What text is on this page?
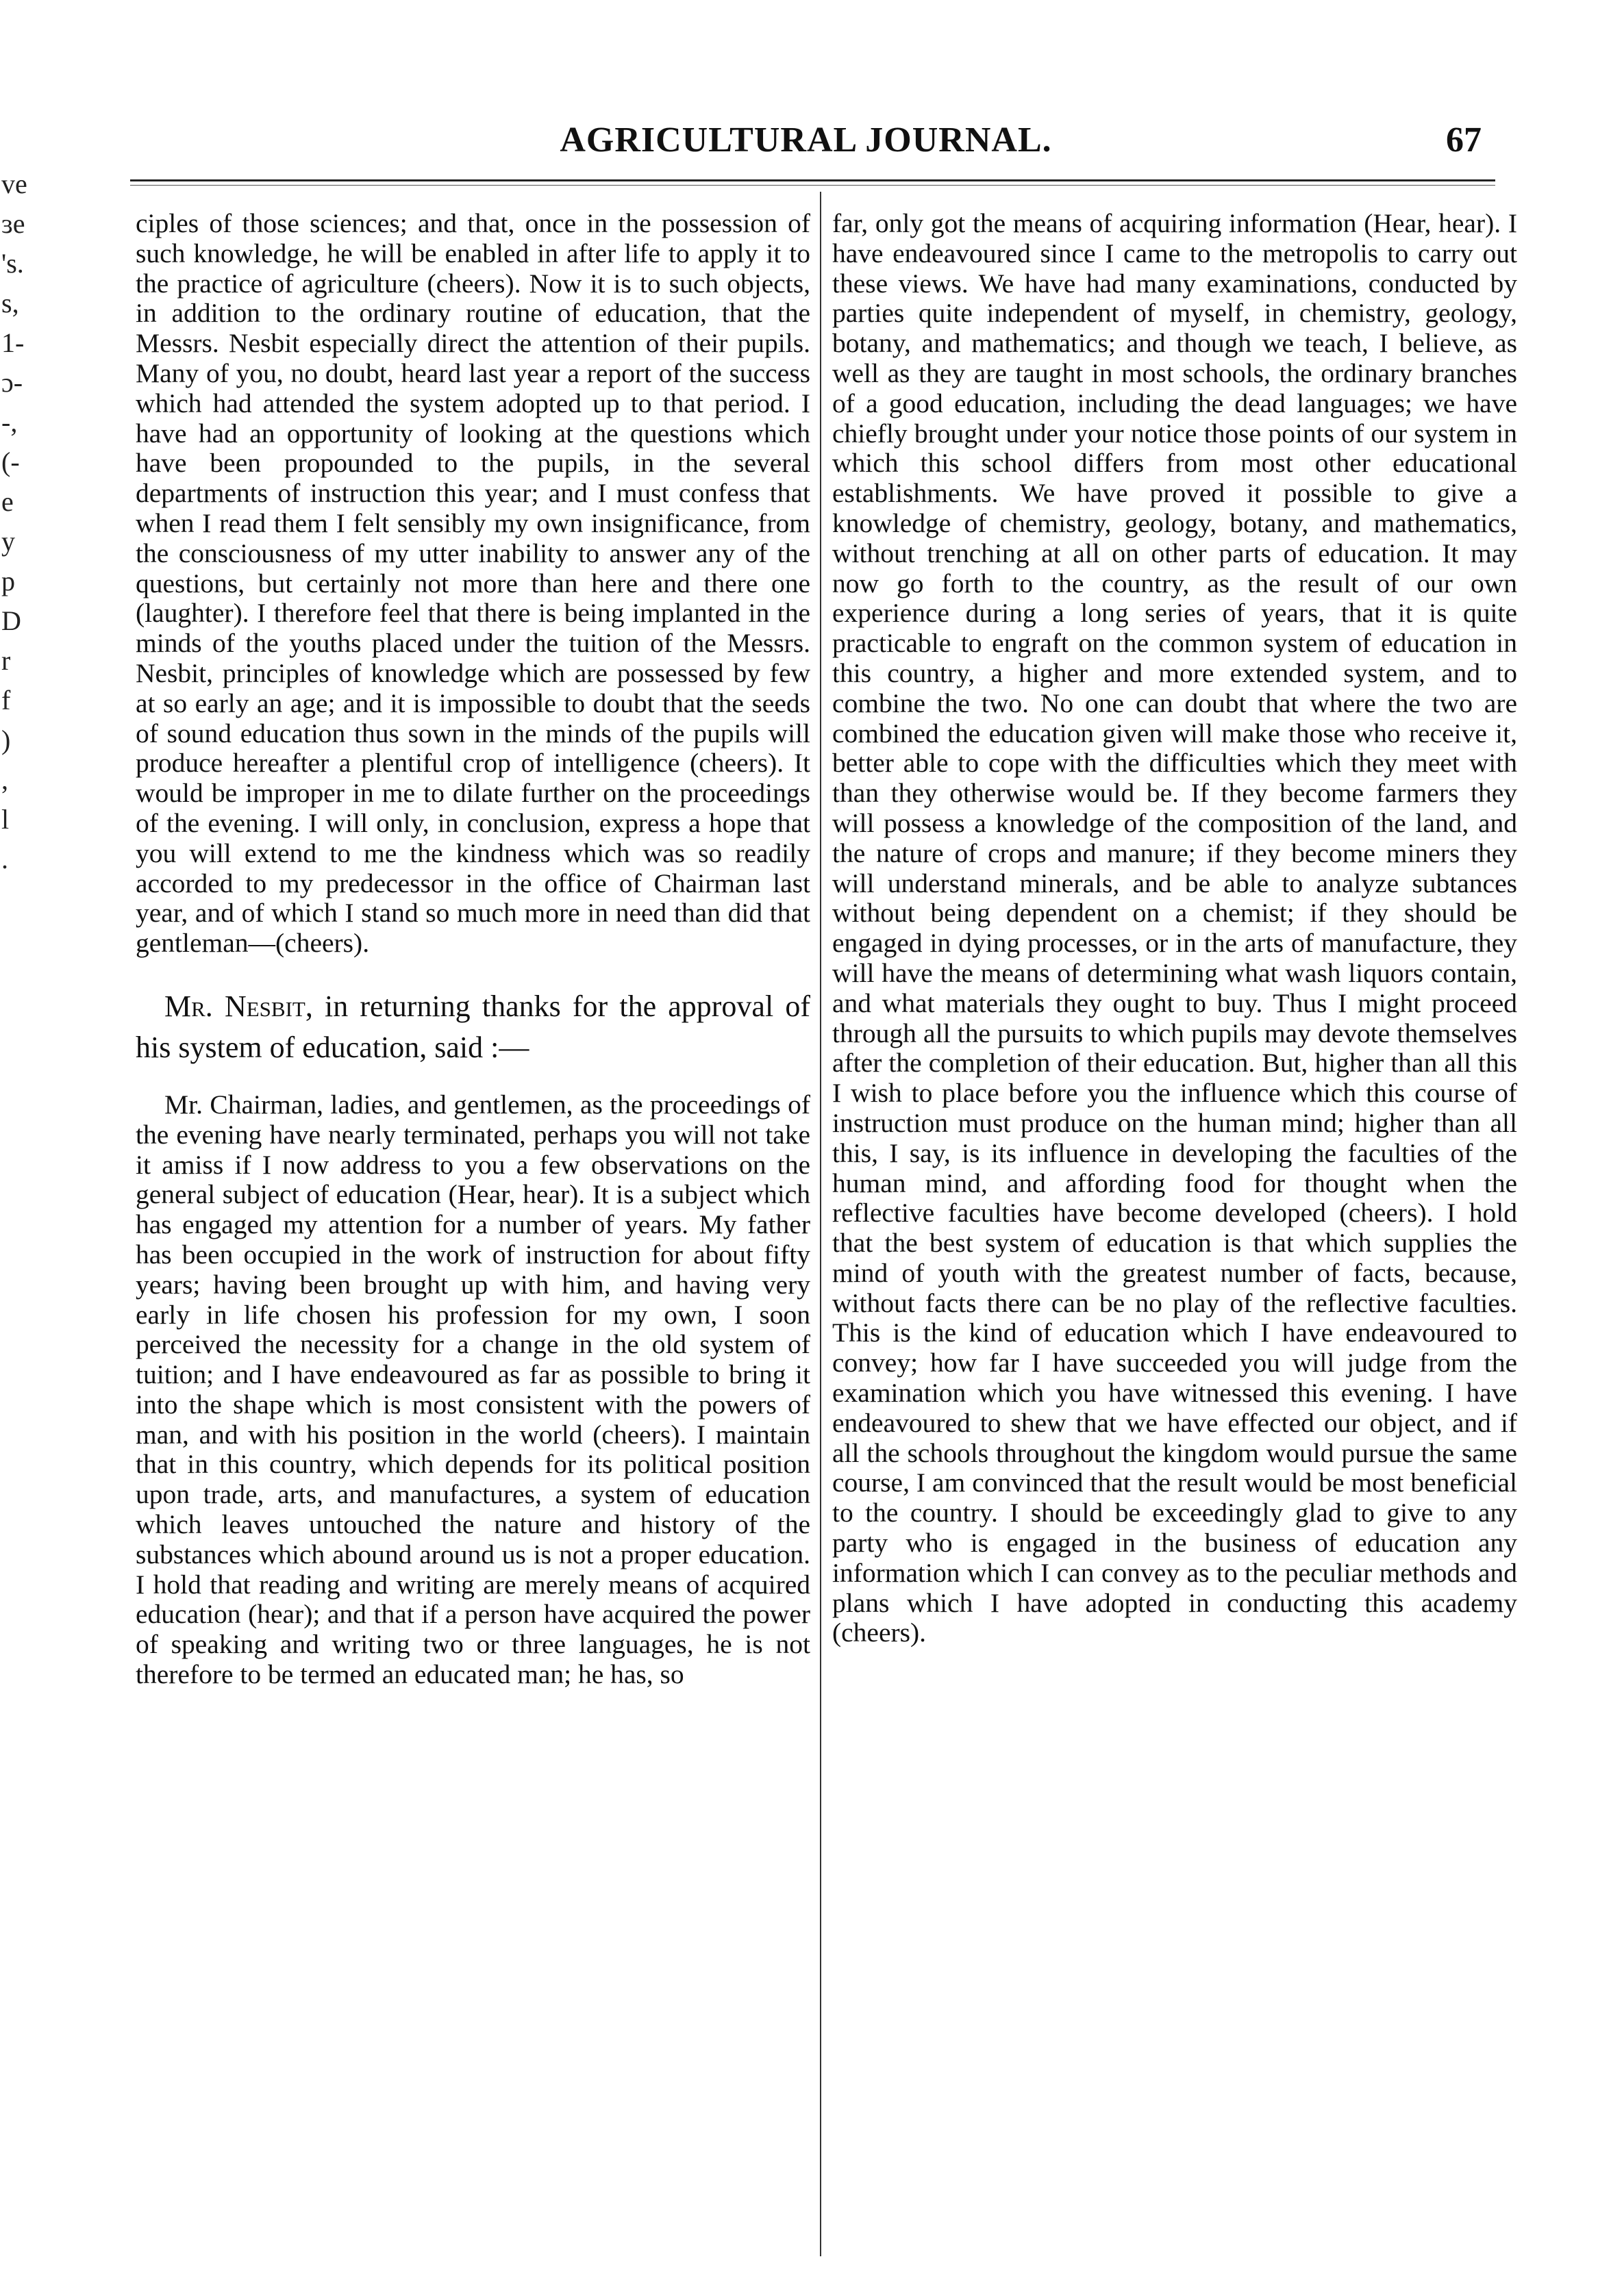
ve
ɜe
's.
s,
1-
ɔ-
-,
(-
e
y
p
D
r
f
)
,
l
.
AGRICULTURAL JOURNAL.	67

ciples of those sciences; and that, once in the possession of such knowledge, he will be enabled in after life to apply it to the practice of agriculture (cheers). Now it is to such objects, in addition to the ordinary routine of education, that the Messrs. Nesbit especially direct the attention of their pupils. Many of you, no doubt, heard last year a report of the success which had attended the system adopted up to that period. I have had an opportunity of looking at the questions which have been propounded to the pupils, in the several departments of instruction this year; and I must confess that when I read them I felt sensibly my own insignificance, from the consciousness of my utter inability to answer any of the questions, but certainly not more than here and there one (laughter). I therefore feel that there is being implanted in the minds of the youths placed under the tuition of the Messrs. Nesbit, principles of knowledge which are possessed by few at so early an age; and it is impossible to doubt that the seeds of sound education thus sown in the minds of the pupils will produce hereafter a plentiful crop of intelligence (cheers). It would be improper in me to dilate further on the proceedings of the evening. I will only, in conclusion, express a hope that you will extend to me the kindness which was so readily accorded to my predecessor in the office of Chairman last year, and of which I stand so much more in need than did that gentleman—(cheers).

Mr. Nesbit, in returning thanks for the approval of his system of education, said :—

Mr. Chairman, ladies, and gentlemen, as the proceedings of the evening have nearly terminated, perhaps you will not take it amiss if I now address to you a few observations on the general subject of education (Hear, hear). It is a subject which has engaged my attention for a number of years. My father has been occupied in the work of instruction for about fifty years; having been brought up with him, and having very early in life chosen his profession for my own, I soon perceived the necessity for a change in the old system of tuition; and I have endeavoured as far as possible to bring it into the shape which is most consistent with the powers of man, and with his position in the world (cheers). I maintain that in this country, which depends for its political position upon trade, arts, and manufactures, a system of education which leaves untouched the nature and history of the substances which abound around us is not a proper education. I hold that reading and writing are merely means of acquired education (hear); and that if a person have acquired the power of speaking and writing two or three languages, he is not therefore to be termed an educated man; he has, so

far, only got the means of acquiring information (Hear, hear). I have endeavoured since I came to the metropolis to carry out these views. We have had many examinations, conducted by parties quite independent of myself, in chemistry, geology, botany, and mathematics; and though we teach, I believe, as well as they are taught in most schools, the ordinary branches of a good education, including the dead languages; we have chiefly brought under your notice those points of our system in which this school differs from most other educational establishments. We have proved it possible to give a knowledge of chemistry, geology, botany, and mathematics, without trenching at all on other parts of education. It may now go forth to the country, as the result of our own experience during a long series of years, that it is quite practicable to engraft on the common system of education in this country, a higher and more extended system, and to combine the two. No one can doubt that where the two are combined the education given will make those who receive it, better able to cope with the difficulties which they meet with than they otherwise would be. If they become farmers they will possess a knowledge of the composition of the land, and the nature of crops and manure; if they become miners they will understand minerals, and be able to analyze subtances without being dependent on a chemist; if they should be engaged in dying processes, or in the arts of manufacture, they will have the means of determining what wash liquors contain, and what materials they ought to buy. Thus I might proceed through all the pursuits to which pupils may devote themselves after the completion of their education. But, higher than all this I wish to place before you the influence which this course of instruction must produce on the human mind; higher than all this, I say, is its influence in developing the faculties of the human mind, and affording food for thought when the reflective faculties have become developed (cheers). I hold that the best system of education is that which supplies the mind of youth with the greatest number of facts, because, without facts there can be no play of the reflective faculties. This is the kind of education which I have endeavoured to convey; how far I have succeeded you will judge from the examination which you have witnessed this evening. I have endeavoured to shew that we have effected our object, and if all the schools throughout the kingdom would pursue the same course, I am convinced that the result would be most beneficial to the country. I should be exceedingly glad to give to any party who is engaged in the business of education any information which I can convey as to the peculiar methods and plans which I have adopted in conducting this academy (cheers).
